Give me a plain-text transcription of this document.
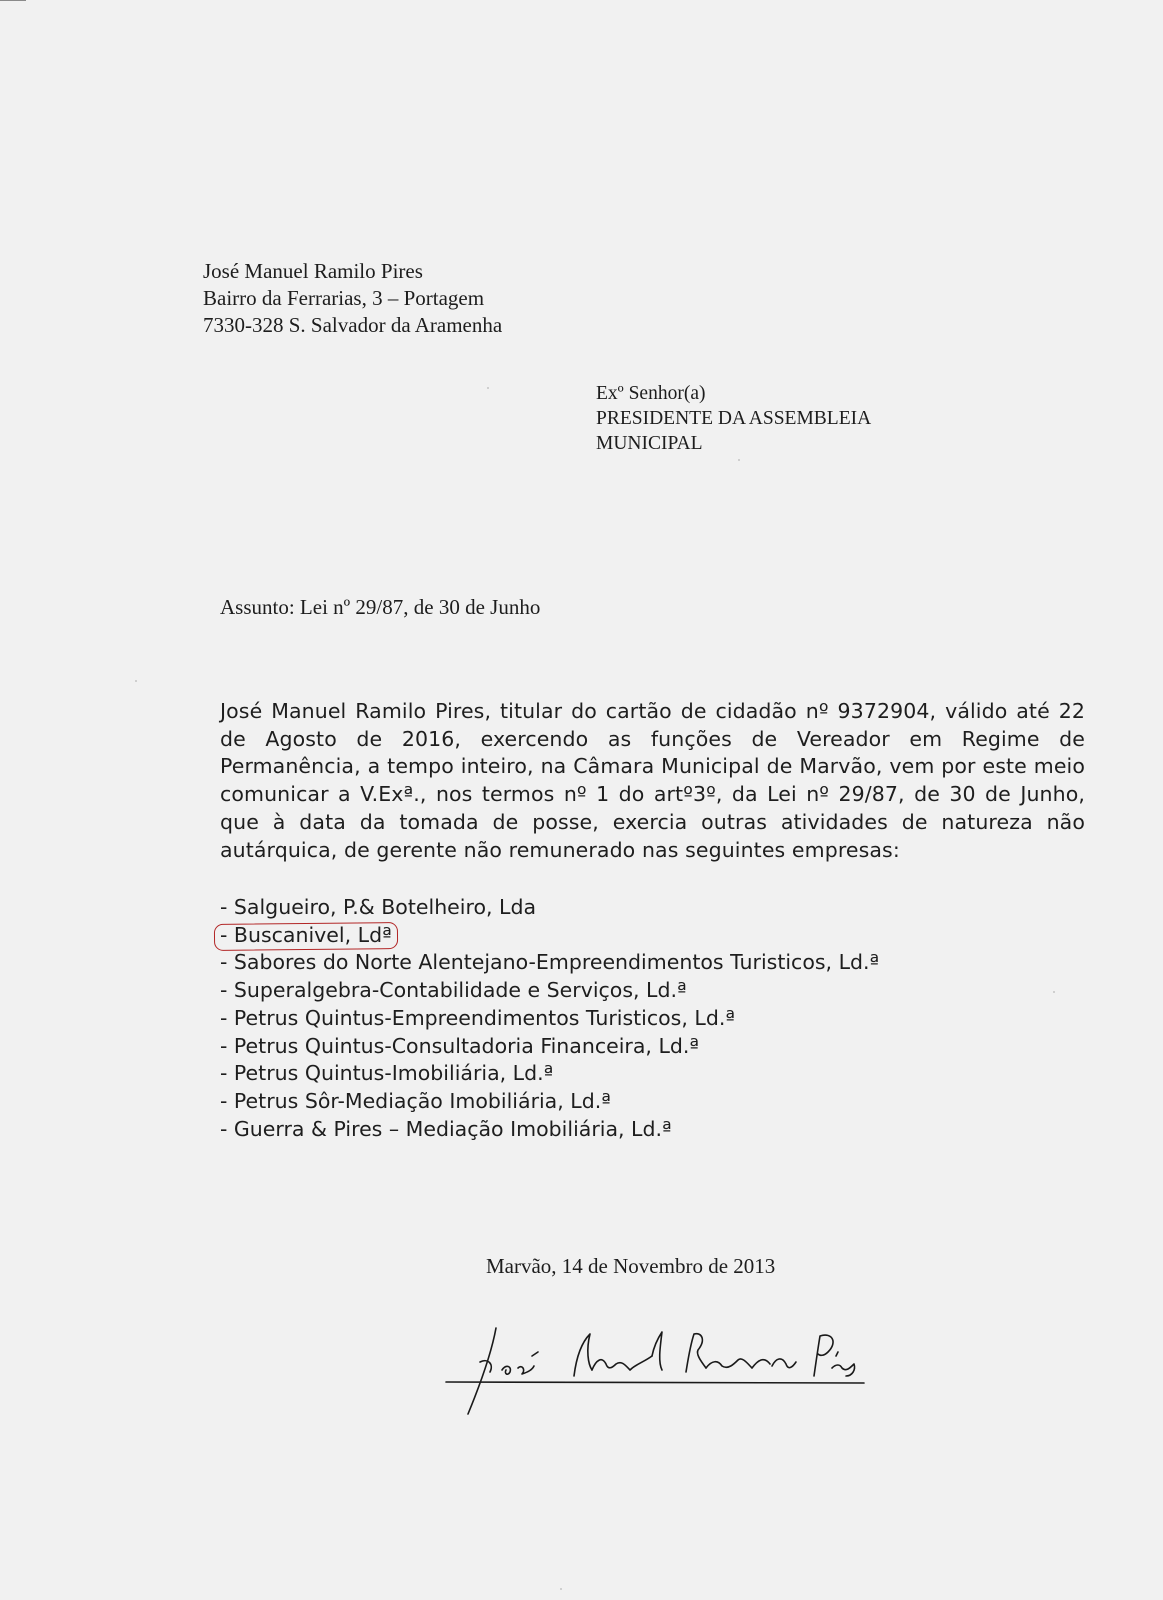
José Manuel Ramilo Pires
Bairro da Ferrarias, 3 – Portagem
7330-328 S. Salvador da Aramenha
Exº Senhor(a)
PRESIDENTE DA ASSEMBLEIA
MUNICIPAL
Assunto: Lei nº 29/87, de 30 de Junho
José Manuel Ramilo Pires, titular do cartão de cidadão nº 9372904, válido até 22 de Agosto de 2016, exercendo as funções de Vereador em Regime de Permanência, a tempo inteiro, na Câmara Municipal de Marvão, vem por este meio comunicar a V.Exª., nos termos nº 1 do artº3º, da Lei nº 29/87, de 30 de Junho, que à data da tomada de posse, exercia outras atividades de natureza não autárquica, de gerente não remunerado nas seguintes empresas:
- Salgueiro, P.& Botelheiro, Lda
- Buscanivel, Ldª
- Sabores do Norte Alentejano-Empreendimentos Turisticos, Ld.ª
- Superalgebra-Contabilidade e Serviços, Ld.ª
- Petrus Quintus-Empreendimentos Turisticos, Ld.ª
- Petrus Quintus-Consultadoria Financeira, Ld.ª
- Petrus Quintus-Imobiliária, Ld.ª
- Petrus Sôr-Mediação Imobiliária, Ld.ª
- Guerra & Pires – Mediação Imobiliária, Ld.ª
Marvão, 14 de Novembro de 2013
José Manuel Ramilo Pires
